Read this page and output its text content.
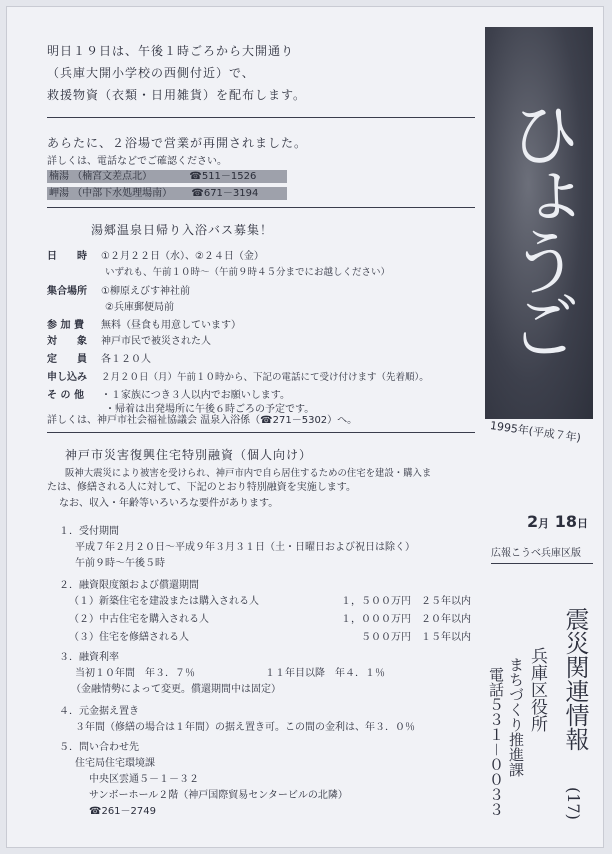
明日１９日は、午後１時ごろから大開通り
（兵庫大開小学校の西側付近）で、
救援物資（衣類・日用雑貨）を配布します。
あらたに、２浴場で営業が再開されました。
詳しくは、電話などでご確認ください。
楠湯 （楠宮文差点北）	☎511－1526
岬湯 （中部下水処理場南） ☎671－3194
湯郷温泉日帰り入浴バス募集！
日　　時 ①２月２２日（水）、②２４日（金）
いずれも、午前１０時～（午前９時４５分までにお越しください）
集合場所 ①柳原えびす神社前
②兵庫郵便局前
参 加 費 無料（昼食も用意しています）
対　　象 神戸市民で被災された人
定　　員 各１２０人
申し込み ２月２０日（月）午前１０時から、下記の電話にて受け付けます（先着順）。
そ の 他 ・１家族につき３人以内でお願いします。
・帰着は出発場所に午後６時ごろの予定です。
詳しくは、神戸市社会福祉協議会 温泉入浴係（☎271－5302）へ。
神戸市災害復興住宅特別融資（個人向け）
阪神大震災により被害を受けられ、神戸市内で自ら居住するための住宅を建設・購入ま
たは、修繕される人に対して、下記のとおり特別融資を実施します。
なお、収入・年齢等いろいろな要件があります。
１．受付期間
平成７年２月２０日～平成９年３月３１日（土・日曜日および祝日は除く）
午前９時～午後５時
２．融資限度額および償還期間
（１）新築住宅を建設または購入される人	１，５００万円 ２５年以内
（２）中古住宅を購入される人	１，０００万円 ２０年以内
（３）住宅を修繕される人	５００万円 １５年以内
３．融資利率
当初１０年間　年３．７％	１１年目以降　年４．１％
（金融情勢によって変更。償還期間中は固定）
４．元金据え置き
３年間（修繕の場合は１年間）の据え置き可。この間の金利は、年３．０％
５．問い合わせ先
住宅局住宅環境課
中央区雲通５－１－３２
サンボーホール２階（神戸国際貿易センタービルの北隣）
☎261－2749
ひょうご
1995年(平成７年)
2月 18日
広報こうべ兵庫区版
震災関連情報
(17)
兵庫区役所
まちづくり推進課
電話５３１－００３３
